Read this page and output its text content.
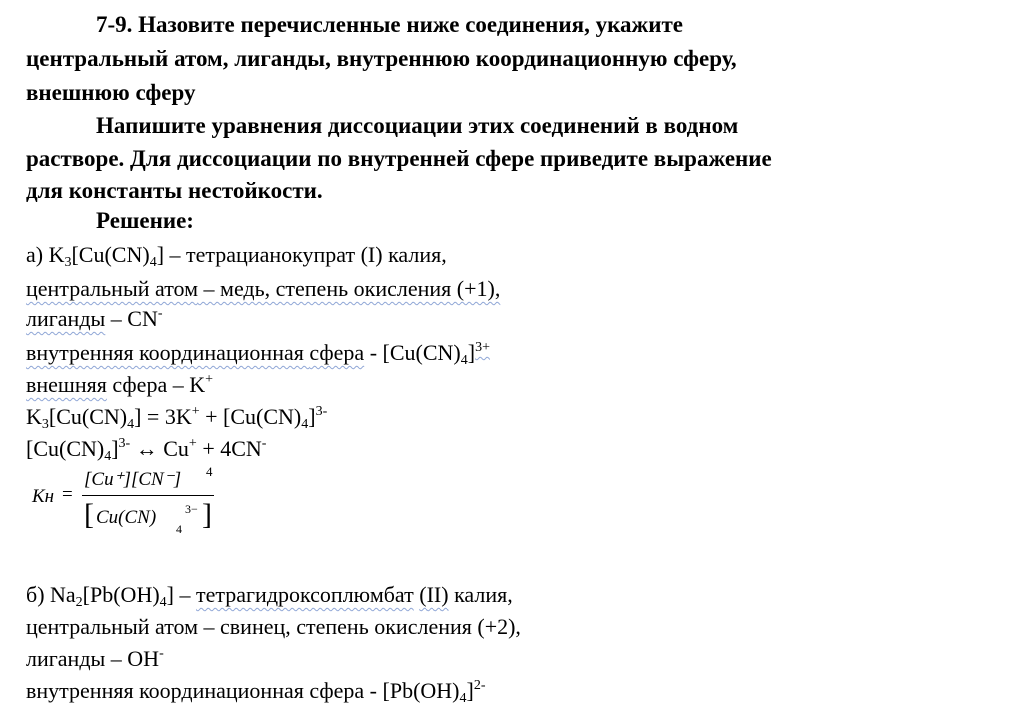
7-9. Назовите перечисленные ниже соединения, укажите
центральный атом, лиганды, внутреннюю координационную сферу,
внешнюю сферу
Напишите уравнения диссоциации этих соединений в водном
растворе. Для диссоциации по внутренней сфере приведите выражение
для константы нестойкости.
Решение:
а) $K_3[Cu(CN)_4]$ – тетрацианокупрат (I) калия,
центральный атом – медь, степень окисления (+1),
лиганды – CN-
внутренняя координационная сфера - $[Cu(CN)_4]^{3+}$
внешняя сфера – K+
$K_3[Cu(CN)_4] = 3K^+ + [Cu(CN)_4]^{3-}$
$[Cu(CN)_4]^{3-}$ ↔ Cu+ + 4CN-
Кн =
[Cu⁺][CN⁻] 4
[ Cu(CN)
4
3− ]
б) $Na_2[Pb(OH)_4]$ – тетрагидроксоплюмбат (II) калия,
центральный атом – свинец, степень окисления (+2),
лиганды – OH-
внутренняя координационная сфера - $[Pb(OH)_4]^{2-}$
